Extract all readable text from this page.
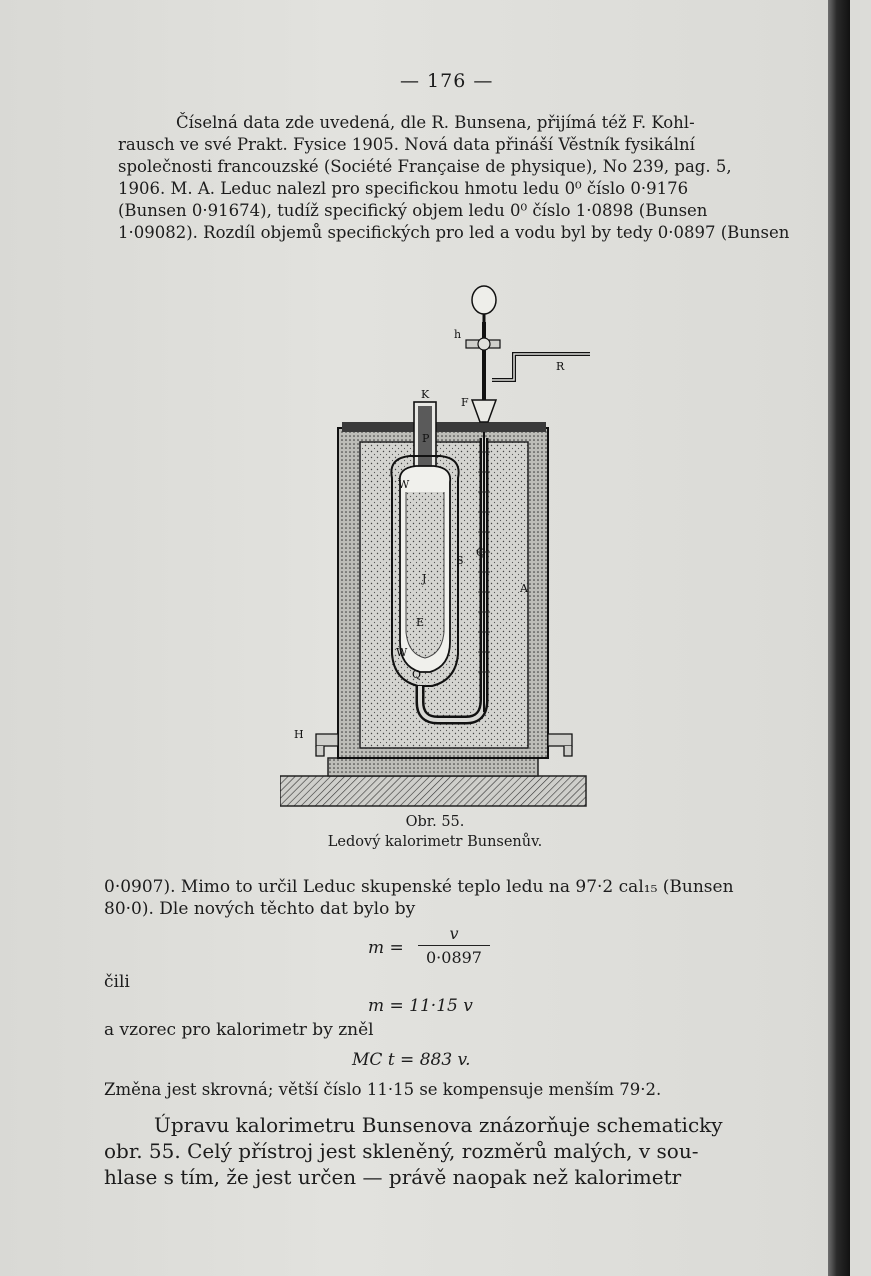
— 176 —
Číselná data zde uvedená, dle R. Bunsena, přijímá též F. Kohl-
rausch ve své Prakt. Fysice 1905. Nová data přináší Věstník fysikální
společnosti francouzské (Société Française de physique), No 239, pag. 5,
1906. M. A. Leduc nalezl pro specifickou hmotu ledu 0⁰ číslo 0·9176
(Bunsen 0·91674), tudíž specifický objem ledu 0⁰ číslo 1·0898 (Bunsen
1·09082). Rozdíl objemů specifických pro led a vodu byl by tedy 0·0897 (Bunsen
h
R
K
F
P
W
S
Q
J
A
E
W
Q
H
Obr. 55.
Ledový kalorimetr Bunsenův.
0·0907). Mimo to určil Leduc skupenské teplo ledu na 97·2 cal₁₅ (Bunsen
80·0). Dle nových těchto dat bylo by
m =
v
0·0897
čili
m = 11·15 v
a vzorec pro kalorimetr by zněl
MC t = 883 v.
Změna jest skrovná; větší číslo 11·15 se kompensuje menším 79·2.
Úpravu kalorimetru Bunsenova znázorňuje schematicky
obr. 55. Celý přístroj jest skleněný, rozměrů malých, v sou-
hlase s tím, že jest určen — právě naopak než kalorimetr
